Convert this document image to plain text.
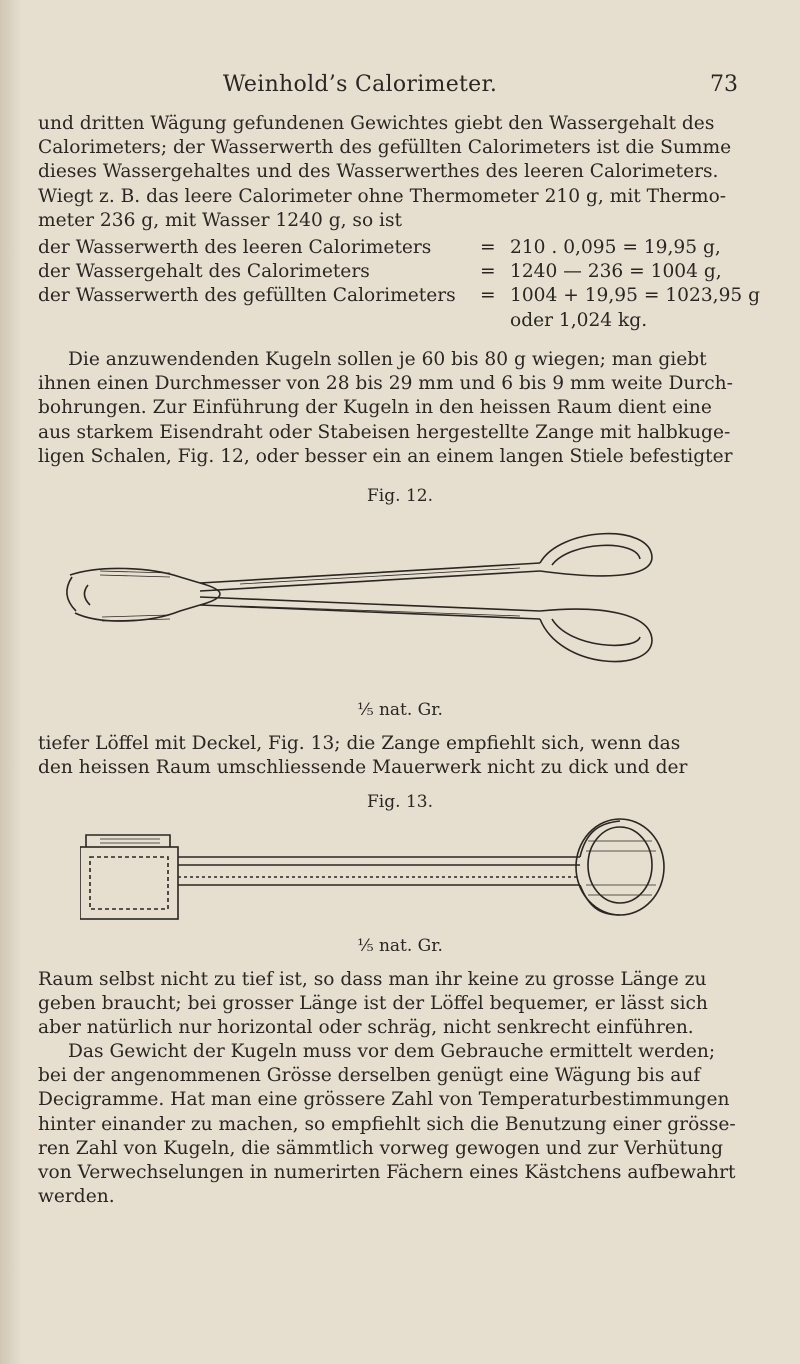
Weinhold’s Calorimeter.	73

und dritten Wägung gefundenen Gewichtes giebt den Wassergehalt des

Calorimeters; der Wasserwerth des gefüllten Calorimeters ist die Summe

dieses Wassergehaltes und des Wasserwerthes des leeren Calorimeters.

Wiegt z. B. das leere Calorimeter ohne Thermometer 210 g, mit Thermo-

meter 236 g, mit Wasser 1240 g, so ist

der Wasserwerth des leeren Calorimeters	= 210 . 0,095 = 19,95 g,
der Wassergehalt des Calorimeters	= 1240 — 236 = 1004 g,
der Wasserwerth des gefüllten Calorimeters = 1004 + 19,95 = 1023,95 g
oder 1,024 kg.

Die anzuwendenden Kugeln sollen je 60 bis 80 g wiegen; man giebt

ihnen einen Durchmesser von 28 bis 29 mm und 6 bis 9 mm weite Durch-

bohrungen. Zur Einführung der Kugeln in den heissen Raum dient eine

aus starkem Eisendraht oder Stabeisen hergestellte Zange mit halbkuge-

ligen Schalen, Fig. 12, oder besser ein an einem langen Stiele befestigter

Fig. 12.
⅕ nat. Gr.

tiefer Löffel mit Deckel, Fig. 13; die Zange empfiehlt sich, wenn das

den heissen Raum umschliessende Mauerwerk nicht zu dick und der

Fig. 13.
⅕ nat. Gr.

Raum selbst nicht zu tief ist, so dass man ihr keine zu grosse Länge zu

geben braucht; bei grosser Länge ist der Löffel bequemer, er lässt sich

aber natürlich nur horizontal oder schräg, nicht senkrecht einführen.

Das Gewicht der Kugeln muss vor dem Gebrauche ermittelt werden;

bei der angenommenen Grösse derselben genügt eine Wägung bis auf

Decigramme. Hat man eine grössere Zahl von Temperaturbestimmungen

hinter einander zu machen, so empfiehlt sich die Benutzung einer grösse-

ren Zahl von Kugeln, die sämmtlich vorweg gewogen und zur Verhütung

von Verwechselungen in numerirten Fächern eines Kästchens aufbewahrt

werden.
